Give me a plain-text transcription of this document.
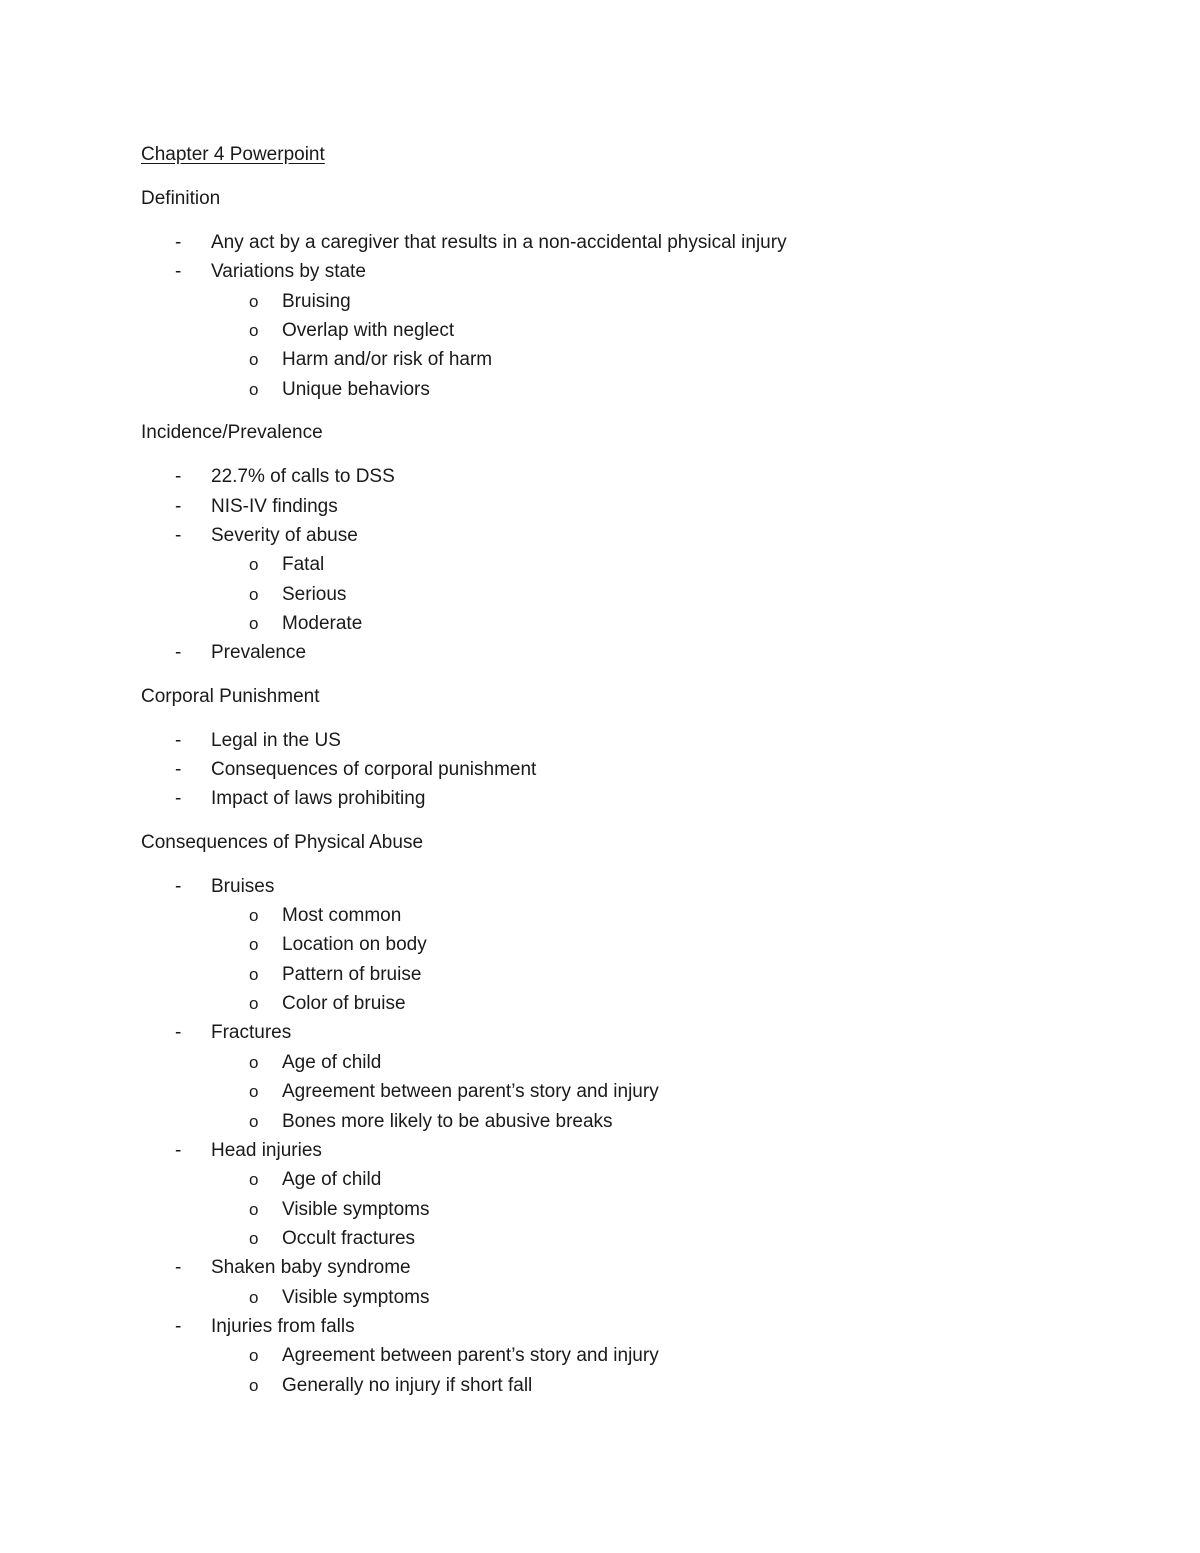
Chapter 4 Powerpoint
Definition
- Any act by a caregiver that results in a non-accidental physical injury
- Variations by state
o Bruising
o Overlap with neglect
o Harm and/or risk of harm
o Unique behaviors
Incidence/Prevalence
- 22.7% of calls to DSS
- NIS-IV findings
- Severity of abuse
o Fatal
o Serious
o Moderate
- Prevalence
Corporal Punishment
- Legal in the US
- Consequences of corporal punishment
- Impact of laws prohibiting
Consequences of Physical Abuse
- Bruises
o Most common
o Location on body
o Pattern of bruise
o Color of bruise
- Fractures
o Age of child
o Agreement between parent’s story and injury
o Bones more likely to be abusive breaks
- Head injuries
o Age of child
o Visible symptoms
o Occult fractures
- Shaken baby syndrome
o Visible symptoms
- Injuries from falls
o Agreement between parent’s story and injury
o Generally no injury if short fall
